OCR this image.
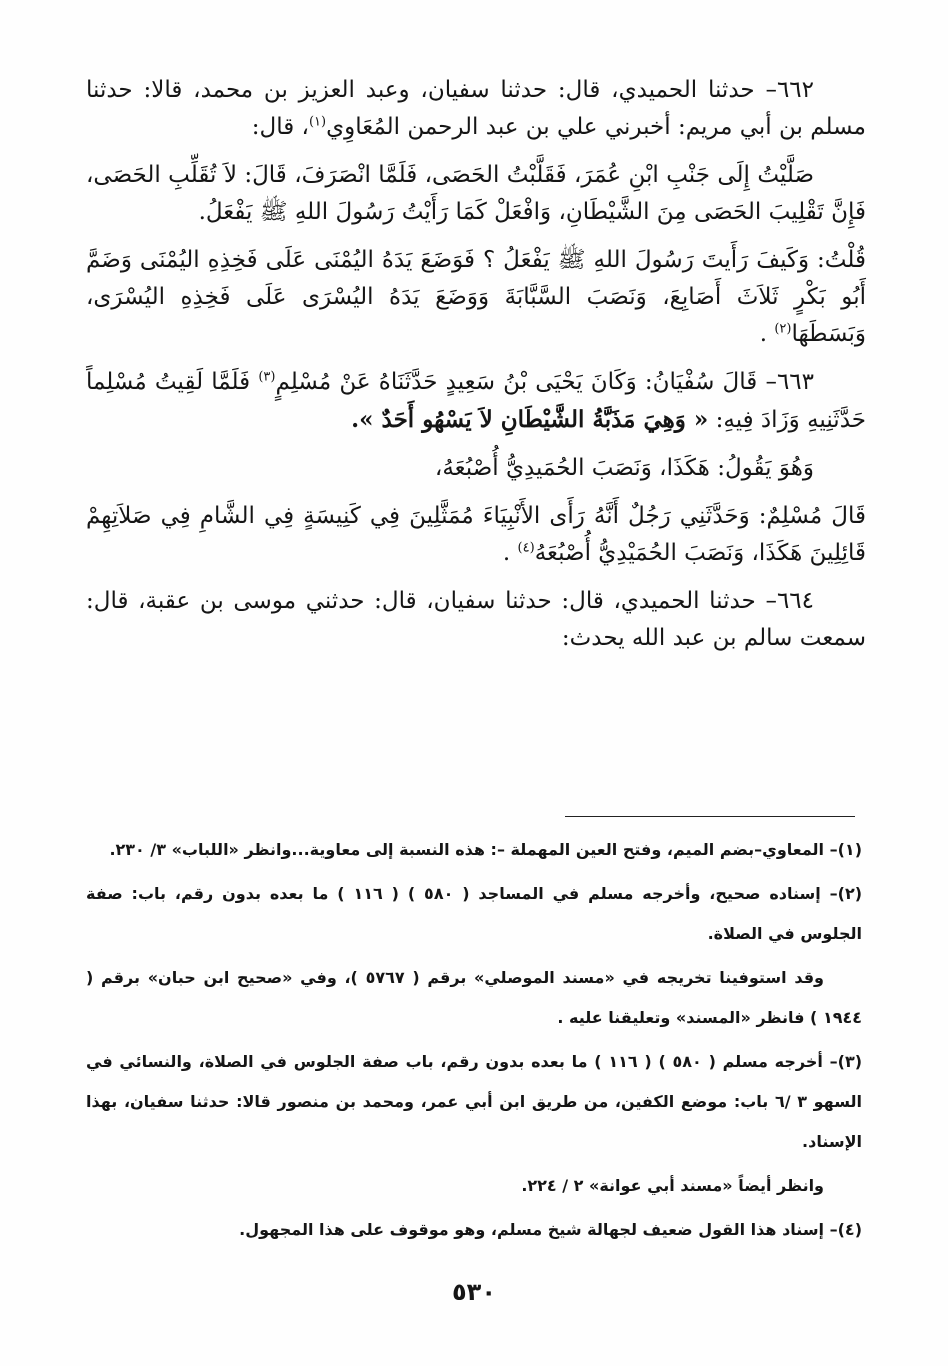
٦٦٢– حدثنا الحميدي، قال: حدثنا سفيان، وعبد العزيز بن محمد، قالا: حدثنا مسلم بن أبي مريم: أخبرني علي بن عبد الرحمن المُعَاوِي$^{(١)}$، قال:

صَلَّيْتُ إِلَى جَنْبِ ابْنِ عُمَرَ، فَقَلَّبْتُ الحَصَى، فَلَمَّا انْصَرَفَ، قَالَ: لاَ تُقَلِّبِ الحَصَى، فَإِنَّ تَقْلِيبَ الحَصَى مِنَ الشَّيْطَانِ، وَافْعَلْ كَمَا رَأَيْتُ رَسُولَ اللهِ ﷺ يَفْعَلُ.

قُلْتُ: وَكَيفَ رَأَيتَ رَسُولَ اللهِ ﷺ يَفْعَلُ ؟ فَوَضَعَ يَدَهُ اليُمْنَى عَلَى فَخِذِهِ اليُمْنَى وَضَمَّ أَبُو بَكْرٍ ثَلاَثَ أَصَابِعَ، وَنَصَبَ السَّبَّابَةَ وَوَضَعَ يَدَهُ اليُسْرَى عَلَى فَخِذِهِ اليُسْرَى، وَبَسَطَهَا$^{(٢)}$ .

٦٦٣– قَالَ سُفْيَانُ: وَكَانَ يَحْيَى بْنُ سَعِيدٍ حَدَّثَنَاهُ عَنْ مُسْلِمٍ$^{(٣)}$ فَلَمَّا لَقِيتُ مُسْلِماً حَدَّثَنِيهِ وَزَادَ فِيهِ: « وَهِيَ مَذَبَّةُ الشَّيْطَانِ لاَ يَسْهُو أَحَدٌ ».

وَهُوَ يَقُولُ: هَكَذَا، وَنَصَبَ الحُمَيدِيُّ أُصْبُعَهُ،

قَالَ مُسْلِمٌ: وَحَدَّثَنِي رَجُلٌ أَنَّهُ رَأَى الأَنْبِيَاءَ مُمَثَّلِينَ فِي كَنِيسَةٍ فِي الشَّامِ فِي صَلاَتِهِمْ قَائِلِينَ هَكَذَا، وَنَصَبَ الحُمَيْدِيُّ أُصْبُعَهُ$^{(٤)}$ .

٦٦٤– حدثنا الحميدي، قال: حدثنا سفيان، قال: حدثني موسى بن عقبة، قال: سمعت سالم بن عبد الله يحدث:

(١)– المعاوي–بضم الميم، وفتح العين المهملة –: هذه النسبة إلى معاوية...وانظر «اللباب» ٣/ ٢٣٠.

(٢)– إسناده صحيح، وأخرجه مسلم في المساجد ( ٥٨٠ ) ( ١١٦ ) ما بعده بدون رقم، باب: صفة الجلوس في الصلاة.

وقد استوفينا تخريجه في «مسند الموصلي» برقم ( ٥٧٦٧ )، وفي «صحيح ابن حبان» برقم ( ١٩٤٤ ) فانظر «المسند» وتعليقنا عليه .

(٣)– أخرجه مسلم ( ٥٨٠ ) ( ١١٦ ) ما بعده بدون رقم، باب صفة الجلوس في الصلاة، والنسائي في السهو ٣ /٦ باب: موضع الكفين، من طريق ابن أبي عمر، ومحمد بن منصور قالا: حدثنا سفيان، بهذا الإسناد.

وانظر أيضاً «مسند أبي عوانة» ٢ / ٢٢٤.

(٤)– إسناد هذا القول ضعيف لجهالة شيخ مسلم، وهو موقوف على هذا المجهول.

٥٣٠
